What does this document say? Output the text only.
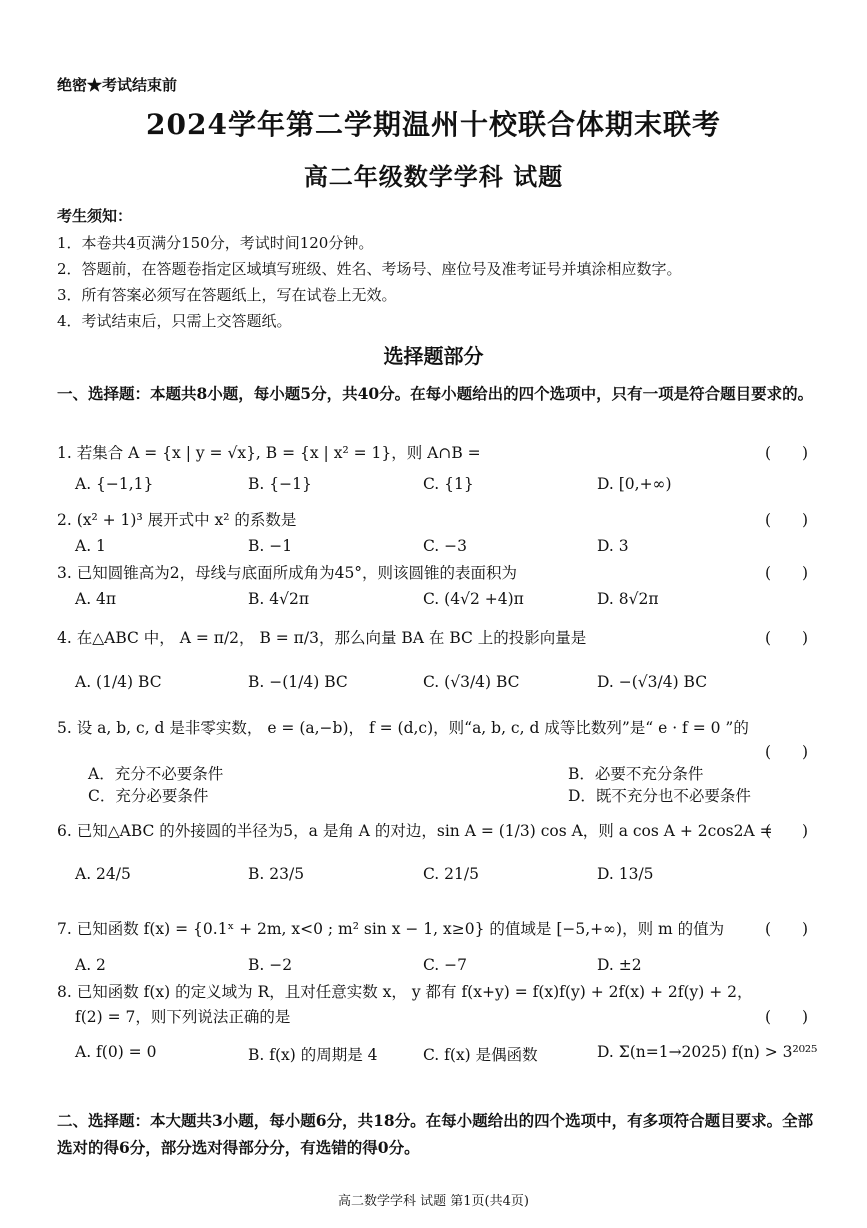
绝密★考试结束前
2024学年第二学期温州十校联合体期末联考
高二年级数学学科 试题
考生须知：
1．本卷共4页满分150分，考试时间120分钟。
2．答题前，在答题卷指定区域填写班级、姓名、考场号、座位号及准考证号并填涂相应数字。
3．所有答案必须写在答题纸上，写在试卷上无效。
4．考试结束后，只需上交答题纸。
选择题部分
一、选择题：本题共8小题，每小题5分，共40分。在每小题给出的四个选项中，只有一项是符合题目要求的。
1. 若集合 A = {x | y = √x}, B = {x | x² = 1}，则 A∩B =	(　　)
A. {−1,1}	B. {−1}	C. {1}	D. [0,+∞)
2. (x² + 1)³ 展开式中 x² 的系数是	(　　)
A. 1	B. −1	C. −3	D. 3
3. 已知圆锥高为2，母线与底面所成角为45°，则该圆锥的表面积为	(　　)
A. 4π	B. 4√2π	C. (4√2 +4)π	D. 8√2π
4. 在△ABC 中， A = π/2， B = π/3，那么向量 BA 在 BC 上的投影向量是	(　　)
A. (1/4) BC	B. −(1/4) BC	C. (√3/4) BC	D. −(√3/4) BC
5. 设 a, b, c, d 是非零实数， e = (a,−b)， f = (d,c)，则“a, b, c, d 成等比数列”是“ e · f = 0 ”的
(　　)
A．充分不必要条件	B．必要不充分条件
C．充分必要条件	D．既不充分也不必要条件
6. 已知△ABC 的外接圆的半径为5，a 是角 A 的对边，sin A = (1/3) cos A，则 a cos A + 2cos2A =
(　　)
A. 24/5	B. 23/5	C. 21/5	D. 13/5
7. 已知函数 f(x) = {0.1ˣ + 2m, x<0 ; m² sin x − 1, x≥0} 的值域是 [−5,+∞)，则 m 的值为	(　　)
A. 2	B. −2	C. −7	D. ±2
8. 已知函数 f(x) 的定义域为 R，且对任意实数 x， y 都有 f(x+y) = f(x)f(y) + 2f(x) + 2f(y) + 2，
f(2) = 7，则下列说法正确的是	(　　)
A. f(0) = 0	B. f(x) 的周期是 4	C. f(x) 是偶函数	D. Σ(n=1→2025) f(n) > 3²⁰²⁵
二、选择题：本大题共3小题，每小题6分，共18分。在每小题给出的四个选项中，有多项符合题目要求。全部选对的得6分，部分选对得部分分，有选错的得0分。
高二数学学科 试题 第1页(共4页)
